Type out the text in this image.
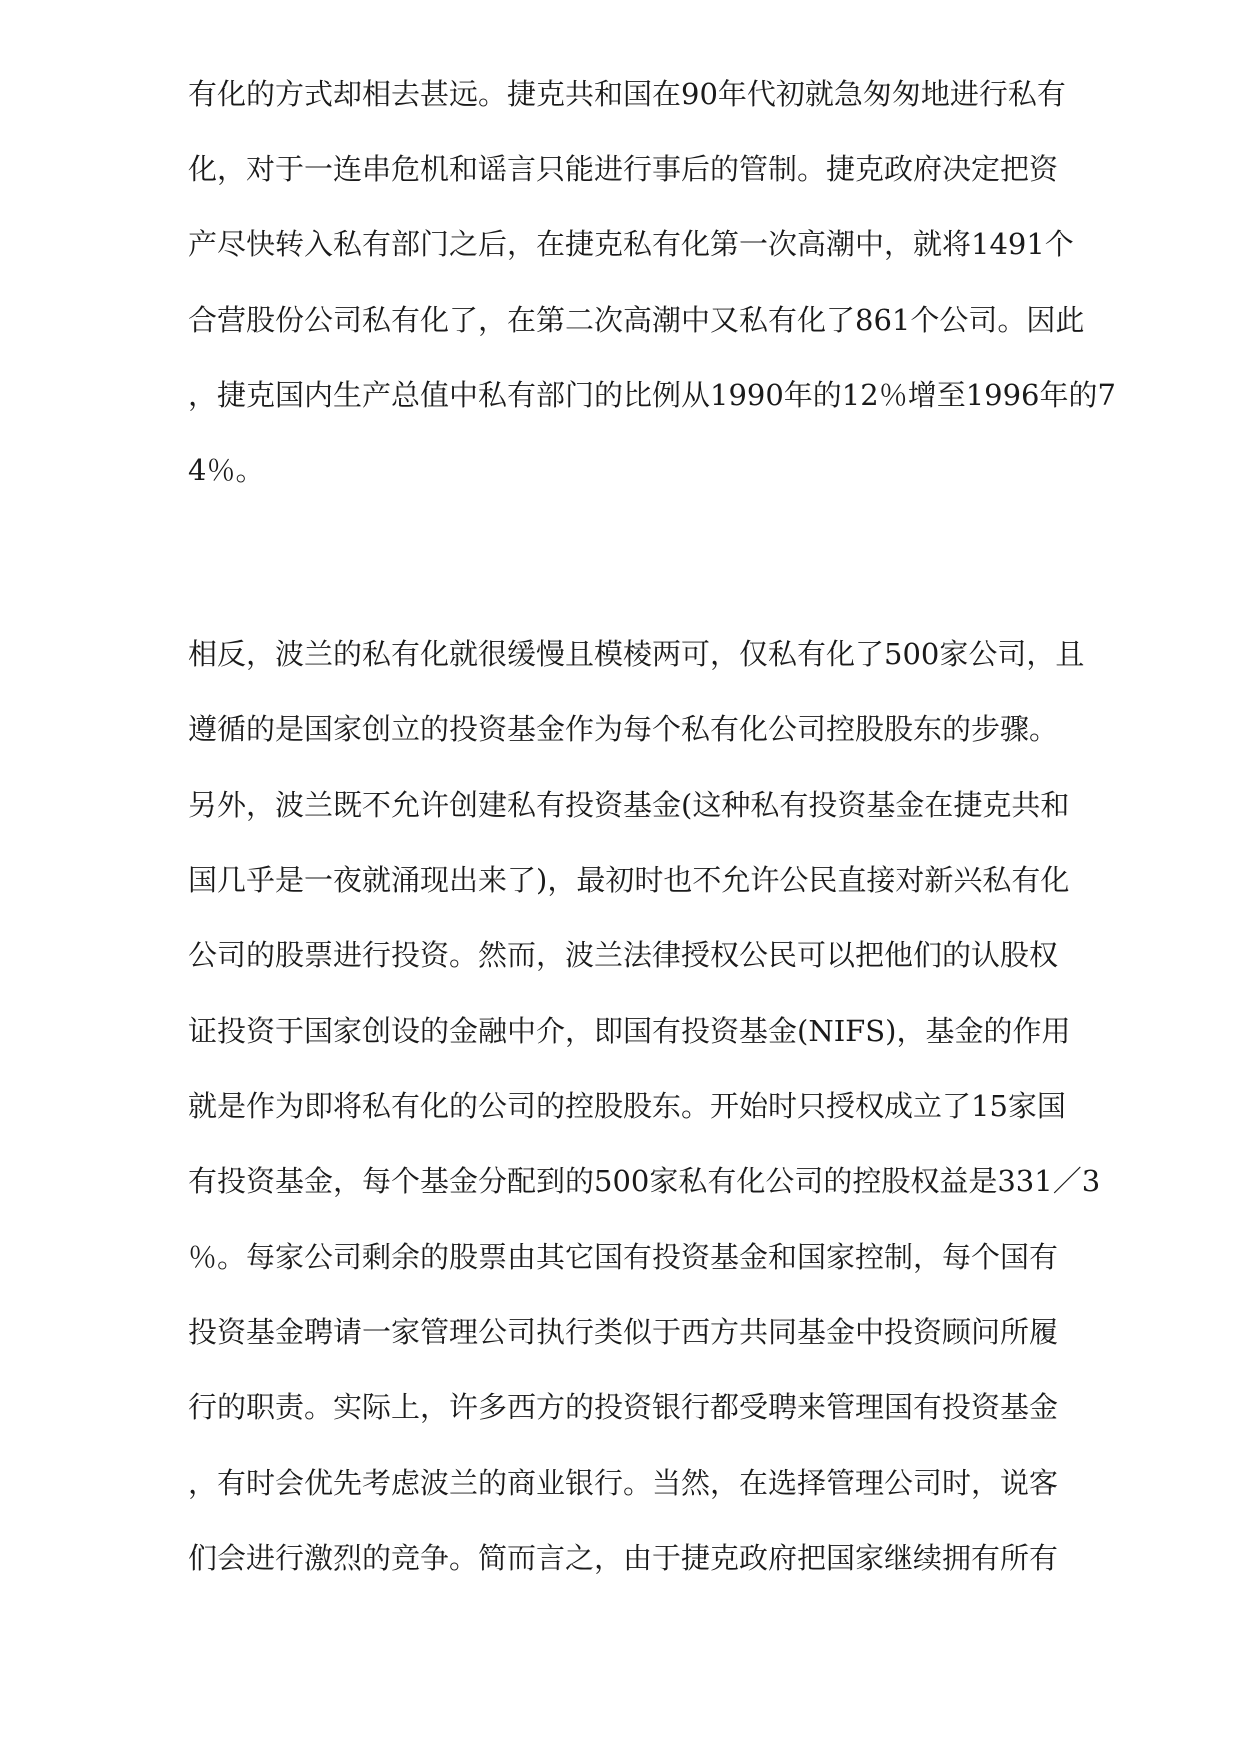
有化的方式却相去甚远。捷克共和国在90年代初就急匆匆地进行私有

化，对于一连串危机和谣言只能进行事后的管制。捷克政府决定把资

产尽快转入私有部门之后，在捷克私有化第一次高潮中，就将1491个

合营股份公司私有化了，在第二次高潮中又私有化了861个公司。因此

，捷克国内生产总值中私有部门的比例从1990年的12％增至1996年的7

4％。

相反，波兰的私有化就很缓慢且模棱两可，仅私有化了500家公司，且

遵循的是国家创立的投资基金作为每个私有化公司控股股东的步骤。

另外，波兰既不允许创建私有投资基金(这种私有投资基金在捷克共和

国几乎是一夜就涌现出来了)，最初时也不允许公民直接对新兴私有化

公司的股票进行投资。然而，波兰法律授权公民可以把他们的认股权

证投资于国家创设的金融中介，即国有投资基金(NIFS)，基金的作用

就是作为即将私有化的公司的控股股东。开始时只授权成立了15家国

有投资基金，每个基金分配到的500家私有化公司的控股权益是331／3

％。每家公司剩余的股票由其它国有投资基金和国家控制，每个国有

投资基金聘请一家管理公司执行类似于西方共同基金中投资顾问所履

行的职责。实际上，许多西方的投资银行都受聘来管理国有投资基金

，有时会优先考虑波兰的商业银行。当然，在选择管理公司时，说客

们会进行激烈的竞争。简而言之，由于捷克政府把国家继续拥有所有
